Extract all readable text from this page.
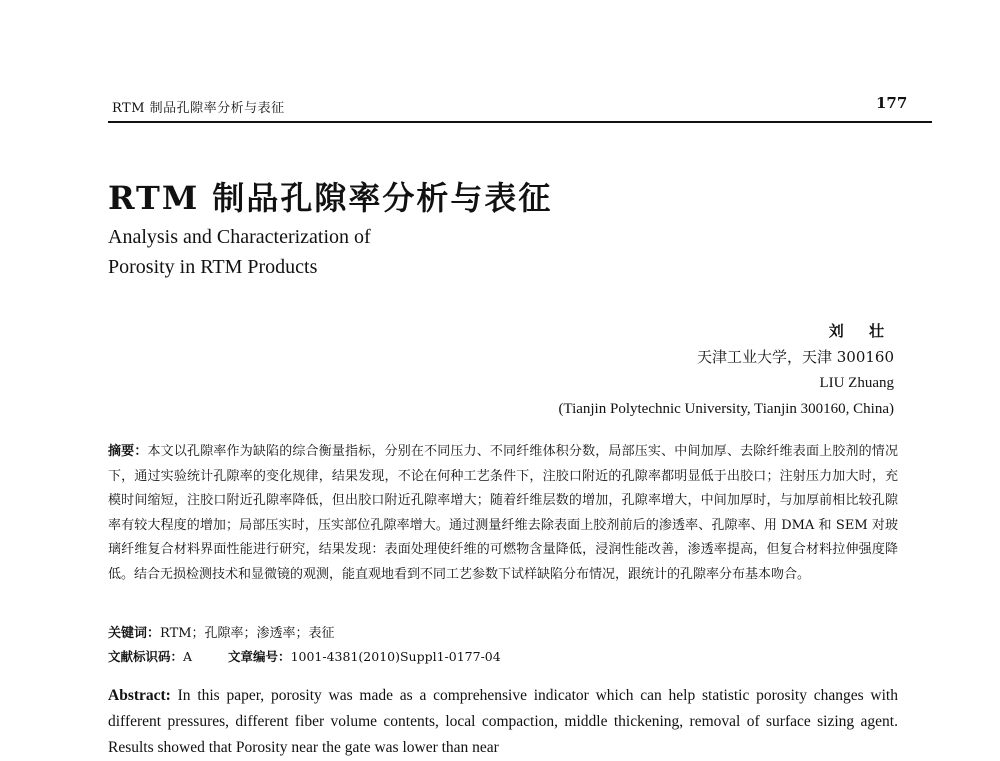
RTM 制品孔隙率分析与表征	177
RTM 制品孔隙率分析与表征
Analysis and Characterization of
Porosity in RTM Products
刘 壮
天津工业大学，天津 300160
LIU Zhuang
(Tianjin Polytechnic University, Tianjin 300160, China)
摘要：本文以孔隙率作为缺陷的综合衡量指标，分别在不同压力、不同纤维体积分数，局部压实、中间加厚、去除纤维表面上胶剂的情况下，通过实验统计孔隙率的变化规律，结果发现，不论在何种工艺条件下，注胶口附近的孔隙率都明显低于出胶口；注射压力加大时，充模时间缩短，注胶口附近孔隙率降低，但出胶口附近孔隙率增大；随着纤维层数的增加，孔隙率增大，中间加厚时，与加厚前相比较孔隙率有较大程度的增加；局部压实时，压实部位孔隙率增大。通过测量纤维去除表面上胶剂前后的渗透率、孔隙率、用 DMA 和 SEM 对玻璃纤维复合材料界面性能进行研究，结果发现：表面处理使纤维的可燃物含量降低，浸润性能改善，渗透率提高，但复合材料拉伸强度降低。结合无损检测技术和显微镜的观测，能直观地看到不同工艺参数下试样缺陷分布情况，跟统计的孔隙率分布基本吻合。
关键词：RTM；孔隙率；渗透率；表征
文献标识码：A	文章编号：1001-4381(2010)Suppl1-0177-04
Abstract: In this paper, porosity was made as a comprehensive indicator which can help statistic porosity changes with different pressures, different fiber volume contents, local compaction, middle thickening, removal of surface sizing agent. Results showed that Porosity near the gate was lower than near
